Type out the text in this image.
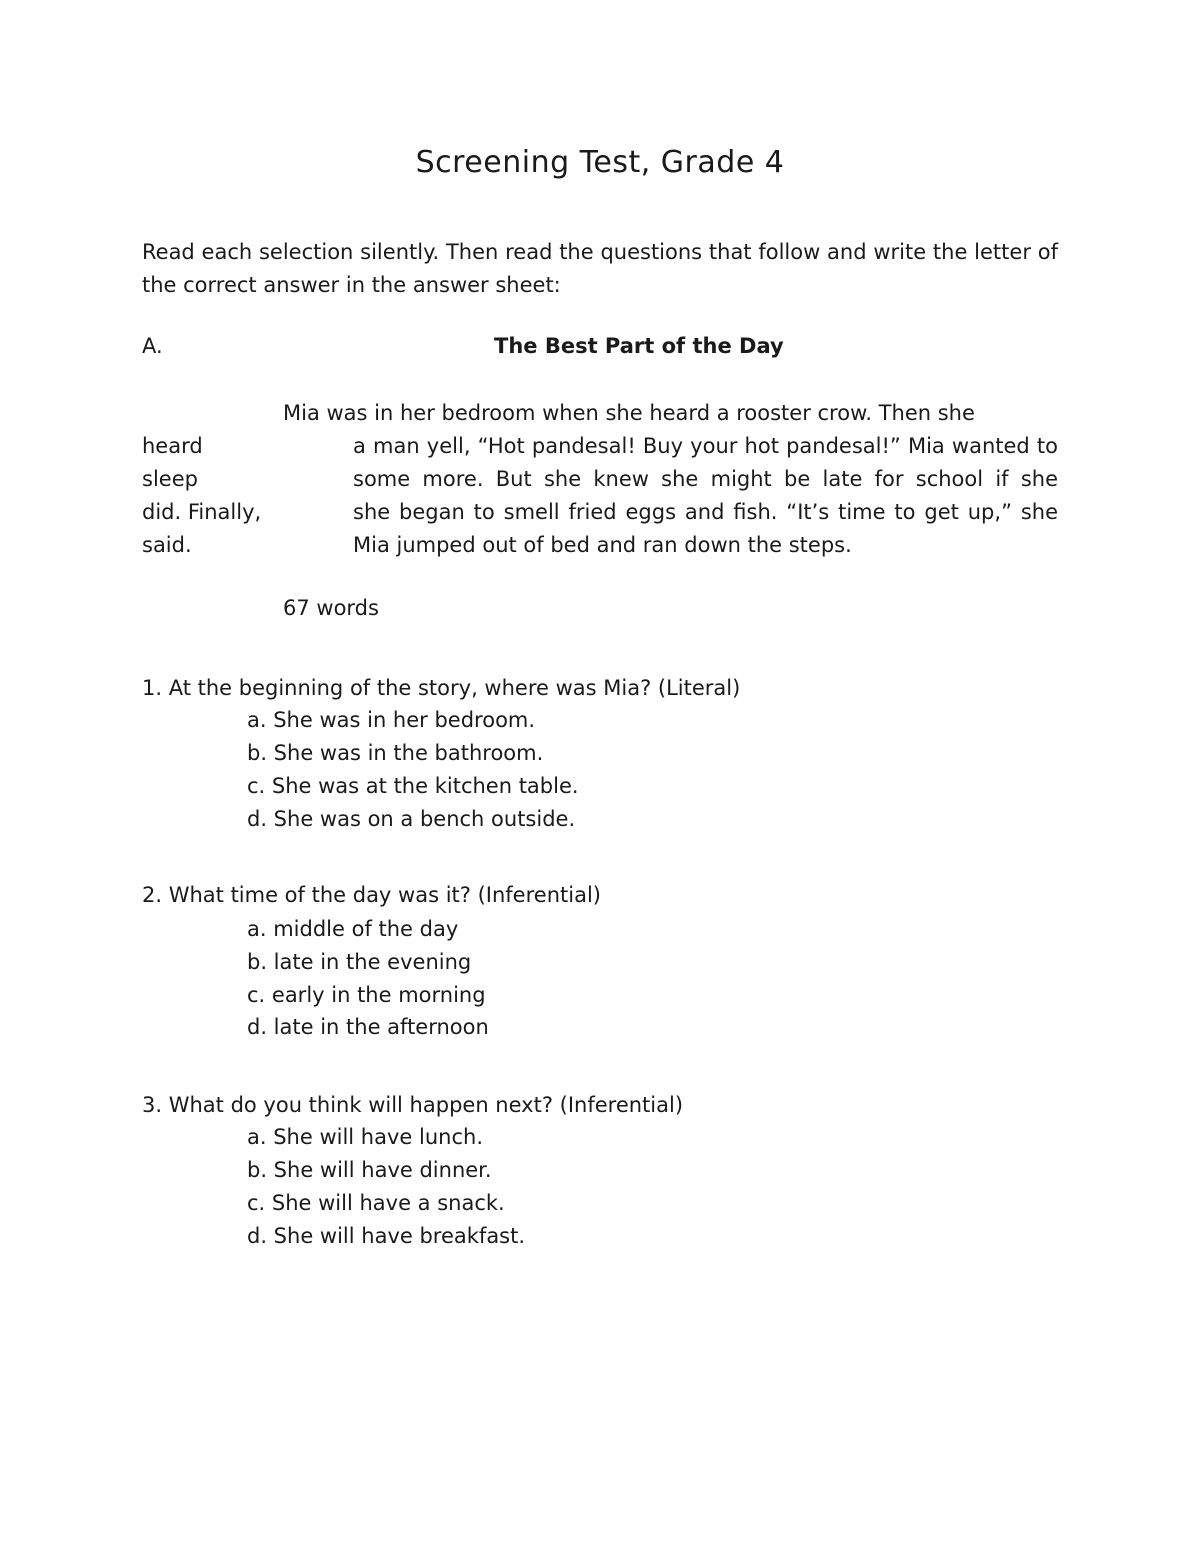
Screening Test, Grade 4
Read each selection silently. Then read the questions that follow and write the letter of the correct answer in the answer sheet:
A.	The Best Part of the Day
Mia was in her bedroom when she heard a rooster crow. Then she
heard	a man yell, “Hot pandesal! Buy your hot pandesal!” Mia wanted to
sleep	some more. But she knew she might be late for school if she
did. Finally,	she began to smell fried eggs and fish. “It’s time to get up,” she
said.	Mia jumped out of bed and ran down the steps.
67 words
1. At the beginning of the story, where was Mia? (Literal)
a. She was in her bedroom.
b. She was in the bathroom.
c. She was at the kitchen table.
d. She was on a bench outside.
2. What time of the day was it? (Inferential)
a. middle of the day
b. late in the evening
c. early in the morning
d. late in the afternoon
3. What do you think will happen next? (Inferential)
a. She will have lunch.
b. She will have dinner.
c. She will have a snack.
d. She will have breakfast.
